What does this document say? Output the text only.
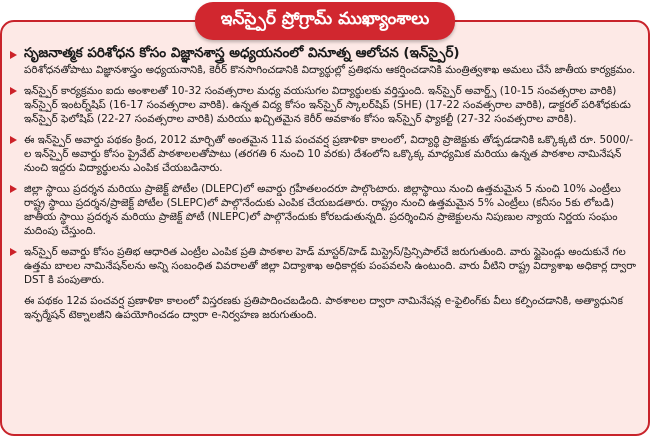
ఇన్‌స్పైర్ ప్రోగ్రామ్ ముఖ్యాంశాలు
సృజనాత్మక పరిశోధన కోసం విజ్ఞానశాస్త్ర అధ్యయనంలో వినూత్న ఆలోచన (ఇన్‌స్పైర్)
పరిశోధనతోపాటు విజ్ఞానశాస్త్రం అధ్యయనానికి, కెరీర్ కొనసాగించడానికి విద్యార్థుల్లో ప్రతిభను ఆకర్షించడానికి మంత్రిత్వశాఖ అమలు చేసే జాతీయ కార్యక్రమం.
ఇన్‌స్పైర్ కార్యక్రమం ఐదు అంశాలతో 10-32 సంవత్సరాల మధ్య వయసుగల విద్యార్థులకు వర్తిస్తుంది. ఇన్‌స్పైర్ అవార్డ్స్ (10-15 సంవత్సరాల వారికి) ఇన్‌స్పైర్ ఇంటర్న్‌షిప్ (16-17 సంవత్సరాల వారికి). ఉన్నత విద్య కోసం ఇన్‌స్పైర్ స్కాలర్‌షిప్ (SHE) (17-22 సంవత్సరాల వారికి), డాక్టరల్ పరిశోధకుడు ఇన్‌స్పైర్ ఫెలోషిప్ (22-27 సంవత్సరాల వారికి) మరియు ఖచ్చితమైన కెరీర్ అవకాశం కోసం ఇన్‌స్పైర్ ఫ్యాకల్టీ (27-32 సంవత్సరాల వారికి).
ఈ ఇన్‌స్పైర్ అవార్డు పథకం క్రింద, 2012 మార్చితో అంతమైన 11వ పంచవర్ష ప్రణాళికా కాలంలో, విద్యార్థి ప్రాజెక్టుకు తోడ్పడడానికి ఒక్కొక్కటి రూ. 5000/-ల ఇన్‌స్పైర్ అవార్డు కోసం ప్రైవేట్ పాఠశాలలతోపాటు (తరగతి 6 నుంచి 10 వరకు) దేశంలోని ఒక్కొక్క మాధ్యమిక మరియు ఉన్నత పాఠశాల నామినేషన్ నుంచి ఇద్దరు విద్యార్థులను ఎంపిక చేయబడినారు.
జిల్లా స్థాయి ప్రదర్శన మరియు ప్రాజెక్ట్ పోటీల (DLEPC)లో అవార్డు గ్రహీతలందరూ పాల్గొంటారు. జిల్లాస్థాయి నుంచి ఉత్తమమైన 5 నుంచి 10% ఎంట్రీలు రాష్ట్ర స్థాయి ప్రదర్శన/ప్రాజెక్ట్ పోటీల (SLEPC)లో పాల్గొనేందుకు ఎంపిక చేయబడతారు. రాష్ట్రం నుంచి ఉత్తమమైన 5% ఎంట్రీలు (కనీసం 5కు లోబడి) జాతీయ స్థాయి ప్రదర్శన మరియు ప్రాజెక్ట్ పోటీ (NLEPC)లో పాల్గొనేందుకు కోరబడుతున్నది. ప్రదర్శించిన ప్రాజెక్టులను నిపుణుల న్యాయ నిర్ణయ సంఘం మదింపు చేస్తుంది.
ఇన్‌స్పైర్ అవార్డు కోసం ప్రతిభ ఆధారిత ఎంట్రీల ఎంపిక ప్రతి పాఠశాల హెడ్ మాస్టర్/హెడ్ మిస్ట్రెస్/ప్రిన్సిపాల్‌చే జరుగుతుంది. వారు స్టైపెండ్లు అందుకునే గల ఉత్తమ బాలల నామినేషన్‌లను అన్ని సంబంధిత వివరాలతో జిల్లా విద్యాశాఖ అధికార్లకు పంపవలసి ఉంటుంది. వారు వీటిని రాష్ట్ర విద్యాశాఖ అధికార్ల ద్వారా DST కి పంపుతారు.
ఈ పథకం 12వ పంచవర్ష ప్రణాళికా కాలంలో విస్తరణకు ప్రతిపాదించబడింది. పాఠశాలల ద్వారా నామినేషన్ల e-ఫైలింగ్‌కు వీలు కల్పించడానికి, అత్యాధునిక ఇన్ఫర్మేషన్ టెక్నాలజీని ఉపయోగించడం ద్వారా e-నిర్వహణ జరుగుతుంది.
